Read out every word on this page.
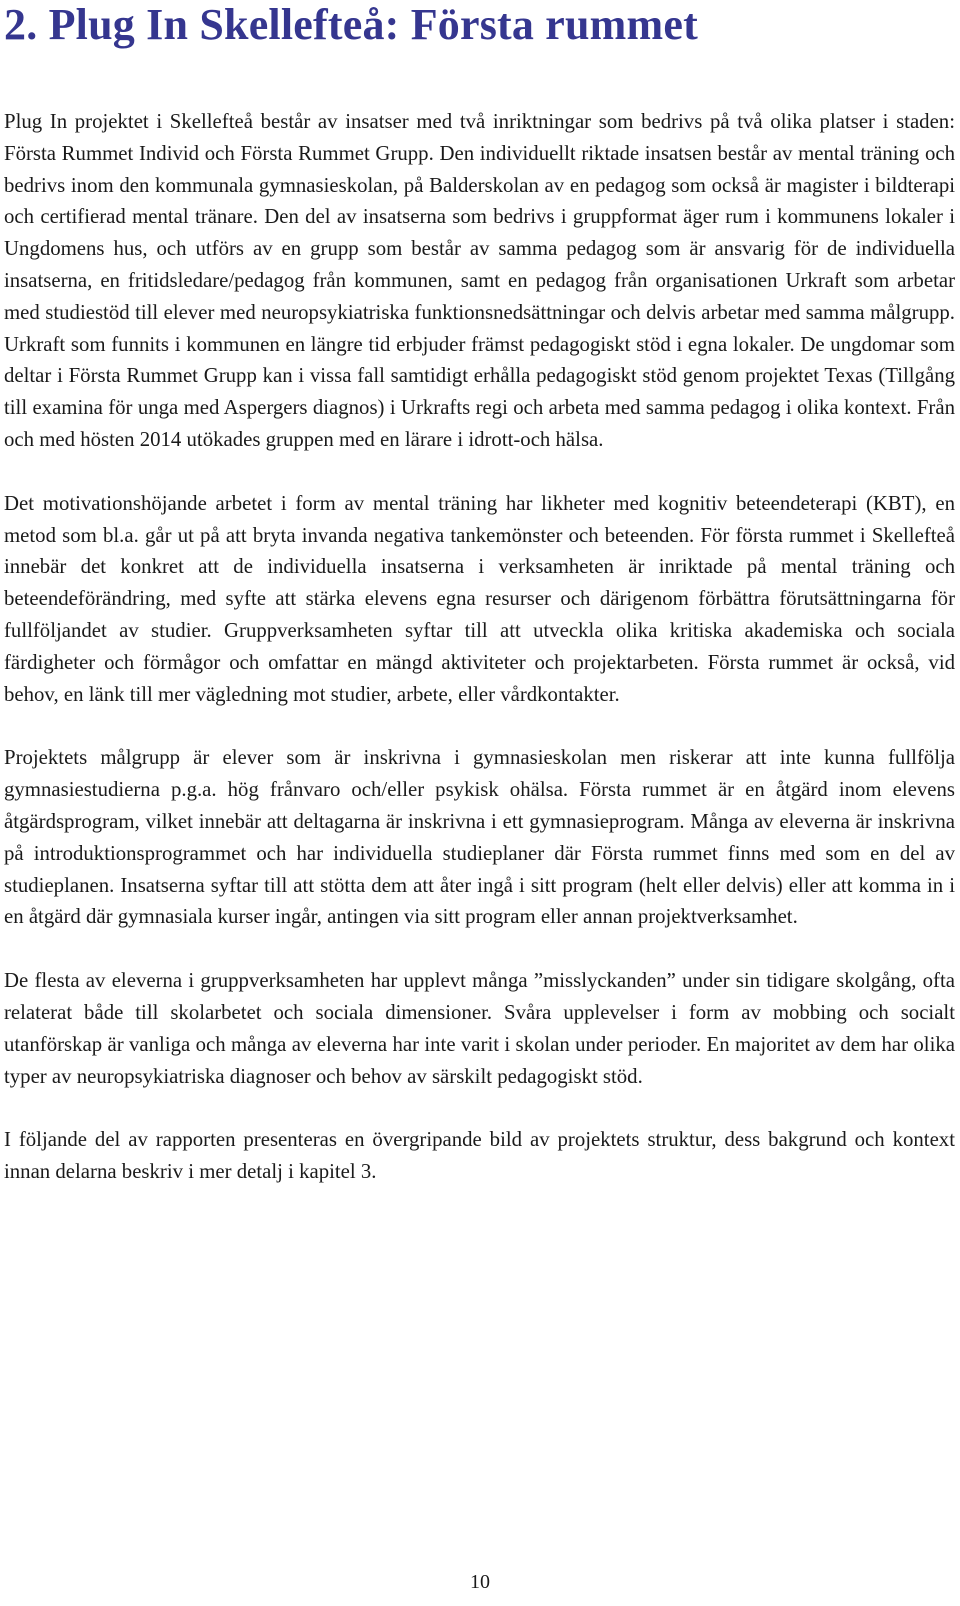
2. Plug In Skellefteå: Första rummet

Plug In projektet i Skellefteå består av insatser med två inriktningar som bedrivs på två olika platser i staden: Första Rummet Individ och Första Rummet Grupp. Den individuellt riktade insatsen består av mental träning och bedrivs inom den kommunala gymnasieskolan, på Balderskolan av en pedagog som också är magister i bildterapi och certifierad mental tränare. Den del av insatserna som bedrivs i gruppformat äger rum i kommunens lokaler i Ungdomens hus, och utförs av en grupp som består av samma pedagog som är ansvarig för de individuella insatserna, en fritidsledare/pedagog från kommunen, samt en pedagog från organisationen Urkraft som arbetar med studiestöd till elever med neuropsykiatriska funktionsnedsättningar och delvis arbetar med samma målgrupp. Urkraft som funnits i kommunen en längre tid erbjuder främst pedagogiskt stöd i egna lokaler. De ungdomar som deltar i Första Rummet Grupp kan i vissa fall samtidigt erhålla pedagogiskt stöd genom projektet Texas (Tillgång till examina för unga med Aspergers diagnos) i Urkrafts regi och arbeta med samma pedagog i olika kontext. Från och med hösten 2014 utökades gruppen med en lärare i idrott-och hälsa.

Det motivationshöjande arbetet i form av mental träning har likheter med kognitiv beteendeterapi (KBT), en metod som bl.a. går ut på att bryta invanda negativa tankemönster och beteenden. För första rummet i Skellefteå innebär det konkret att de individuella insatserna i verksamheten är inriktade på mental träning och beteendeförändring, med syfte att stärka elevens egna resurser och därigenom förbättra förutsättningarna för fullföljandet av studier. Gruppverksamheten syftar till att utveckla olika kritiska akademiska och sociala färdigheter och förmågor och omfattar en mängd aktiviteter och projektarbeten. Första rummet är också, vid behov, en länk till mer vägledning mot studier, arbete, eller vårdkontakter.

Projektets målgrupp är elever som är inskrivna i gymnasieskolan men riskerar att inte kunna fullfölja gymnasiestudierna p.g.a. hög frånvaro och/eller psykisk ohälsa. Första rummet är en åtgärd inom elevens åtgärdsprogram, vilket innebär att deltagarna är inskrivna i ett gymnasieprogram. Många av eleverna är inskrivna på introduktionsprogrammet och har individuella studieplaner där Första rummet finns med som en del av studieplanen. Insatserna syftar till att stötta dem att åter ingå i sitt program (helt eller delvis) eller att komma in i en åtgärd där gymnasiala kurser ingår, antingen via sitt program eller annan projektverksamhet.

De flesta av eleverna i gruppverksamheten har upplevt många ”misslyckanden” under sin tidigare skolgång, ofta relaterat både till skolarbetet och sociala dimensioner. Svåra upplevelser i form av mobbing och socialt utanförskap är vanliga och många av eleverna har inte varit i skolan under perioder. En majoritet av dem har olika typer av neuropsykiatriska diagnoser och behov av särskilt pedagogiskt stöd.

I följande del av rapporten presenteras en övergripande bild av projektets struktur, dess bakgrund och kontext innan delarna beskriv i mer detalj i kapitel 3.

10
